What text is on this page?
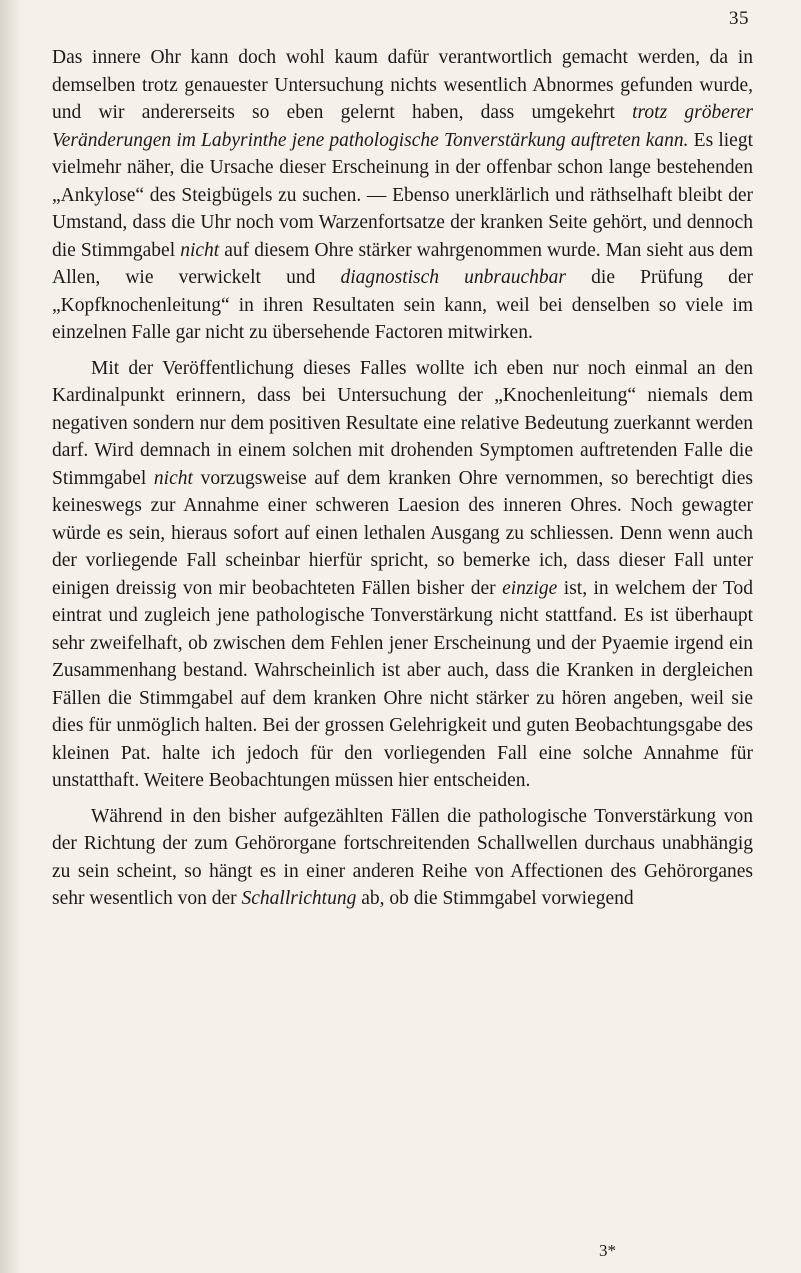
35

Das innere Ohr kann doch wohl kaum dafür verantwortlich gemacht werden, da in demselben trotz genauester Untersuchung nichts wesentlich Abnormes gefunden wurde, und wir andererseits so eben gelernt haben, dass umgekehrt trotz gröberer Veränderungen im Labyrinthe jene pathologische Tonverstärkung auftreten kann. Es liegt vielmehr näher, die Ursache dieser Erscheinung in der offenbar schon lange bestehenden „Ankylose“ des Steigbügels zu suchen. — Ebenso unerklärlich und räthselhaft bleibt der Umstand, dass die Uhr noch vom Warzenfortsatze der kranken Seite gehört, und dennoch die Stimmgabel nicht auf diesem Ohre stärker wahrgenommen wurde. Man sieht aus dem Allen, wie verwickelt und diagnostisch unbrauchbar die Prüfung der „Kopfknochenleitung“ in ihren Resultaten sein kann, weil bei denselben so viele im einzelnen Falle gar nicht zu übersehende Factoren mitwirken.

Mit der Veröffentlichung dieses Falles wollte ich eben nur noch einmal an den Kardinalpunkt erinnern, dass bei Untersuchung der „Knochenleitung“ niemals dem negativen sondern nur dem positiven Resultate eine relative Bedeutung zuerkannt werden darf. Wird demnach in einem solchen mit drohenden Symptomen auftretenden Falle die Stimmgabel nicht vorzugsweise auf dem kranken Ohre vernommen, so berechtigt dies keineswegs zur Annahme einer schweren Laesion des inneren Ohres. Noch gewagter würde es sein, hieraus sofort auf einen lethalen Ausgang zu schliessen. Denn wenn auch der vorliegende Fall scheinbar hierfür spricht, so bemerke ich, dass dieser Fall unter einigen dreissig von mir beobachteten Fällen bisher der einzige ist, in welchem der Tod eintrat und zugleich jene pathologische Tonverstärkung nicht stattfand. Es ist überhaupt sehr zweifelhaft, ob zwischen dem Fehlen jener Erscheinung und der Pyaemie irgend ein Zusammenhang bestand. Wahrscheinlich ist aber auch, dass die Kranken in dergleichen Fällen die Stimmgabel auf dem kranken Ohre nicht stärker zu hören angeben, weil sie dies für unmöglich halten. Bei der grossen Gelehrigkeit und guten Beobachtungsgabe des kleinen Pat. halte ich jedoch für den vorliegenden Fall eine solche Annahme für unstatthaft. Weitere Beobachtungen müssen hier entscheiden.

Während in den bisher aufgezählten Fällen die pathologische Tonverstärkung von der Richtung der zum Gehörorgane fortschreitenden Schallwellen durchaus unabhängig zu sein scheint, so hängt es in einer anderen Reihe von Affectionen des Gehörorganes sehr wesentlich von der Schallrichtung ab, ob die Stimmgabel vorwiegend

3*
